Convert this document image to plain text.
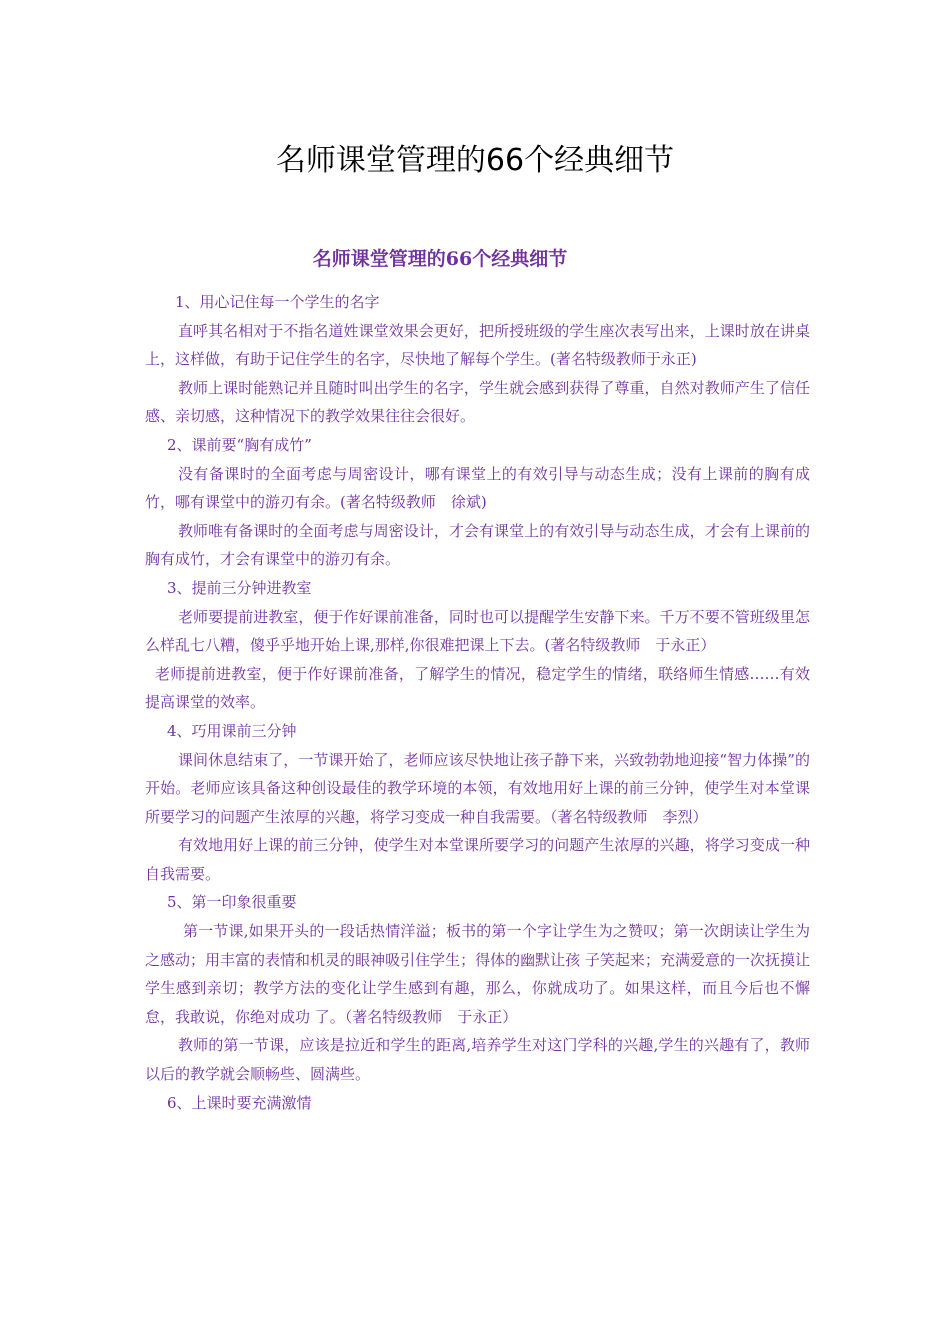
名师课堂管理的66个经典细节
名师课堂管理的66个经典细节

1、用心记住每一个学生的名字

直呼其名相对于不指名道姓课堂效果会更好，把所授班级的学生座次表写出来，上课时放在讲桌上，这样做，有助于记住学生的名字，尽快地了解每个学生。(著名特级教师于永正)

教师上课时能熟记并且随时叫出学生的名字，学生就会感到获得了尊重，自然对教师产生了信任感、亲切感，这种情况下的教学效果往往会很好。

2、课前要“胸有成竹”

没有备课时的全面考虑与周密设计，哪有课堂上的有效引导与动态生成；没有上课前的胸有成竹，哪有课堂中的游刃有余。(著名特级教师　徐斌)

教师唯有备课时的全面考虑与周密设计，才会有课堂上的有效引导与动态生成，才会有上课前的胸有成竹，才会有课堂中的游刃有余。

3、提前三分钟进教室

老师要提前进教室，便于作好课前准备，同时也可以提醒学生安静下来。千万不要不管班级里怎么样乱七八糟，傻乎乎地开始上课,那样,你很难把课上下去。(著名特级教师　于永正）

老师提前进教室，便于作好课前准备，了解学生的情况，稳定学生的情绪，联络师生情感……有效提高课堂的效率。

4、巧用课前三分钟

课间休息结束了，一节课开始了，老师应该尽快地让孩子静下来，兴致勃勃地迎接“智力体操”的开始。老师应该具备这种创设最佳的教学环境的本领，有效地用好上课的前三分钟，使学生对本堂课所要学习的问题产生浓厚的兴趣，将学习变成一种自我需要。（著名特级教师　李烈）

有效地用好上课的前三分钟，使学生对本堂课所要学习的问题产生浓厚的兴趣，将学习变成一种自我需要。

5、第一印象很重要

第一节课,如果开头的一段话热情洋溢；板书的第一个字让学生为之赞叹；第一次朗读让学生为之感动；用丰富的表情和机灵的眼神吸引住学生；得体的幽默让孩 子笑起来；充满爱意的一次抚摸让学生感到亲切；教学方法的变化让学生感到有趣，那么，你就成功了。如果这样，而且今后也不懈怠，我敢说，你绝对成功 了。（著名特级教师　于永正）

教师的第一节课，应该是拉近和学生的距离,培养学生对这门学科的兴趣,学生的兴趣有了，教师以后的教学就会顺畅些、圆满些。

6、上课时要充满激情
